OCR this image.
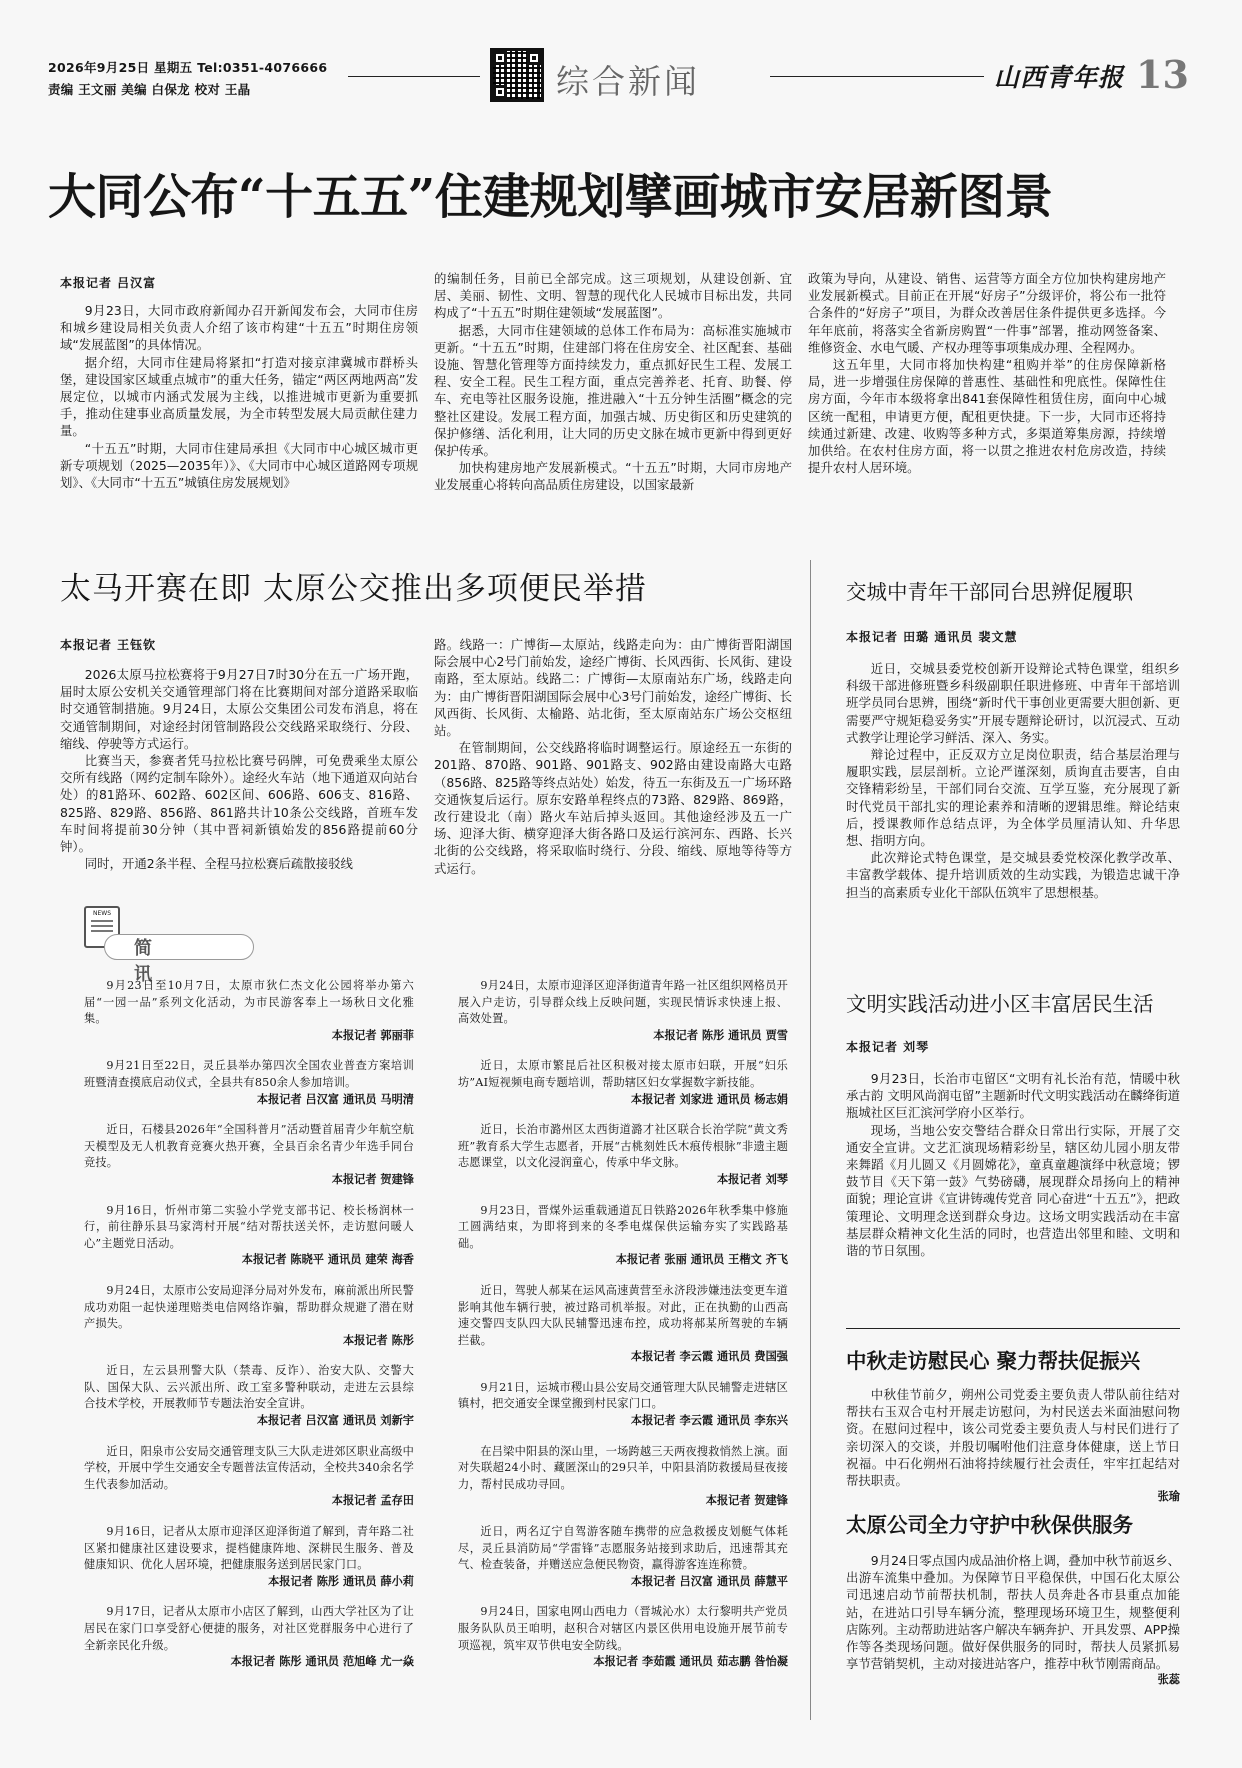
2026年9月25日 星期五 Tel:0351-4076666
责编 王文丽 美编 白保龙 校对 王晶	综合新闻	山西青年报 13
大同公布“十五五”住建规划擘画城市安居新图景
本报记者 吕汉富

9月23日，大同市政府新闻办召开新闻发布会，大同市住房和城乡建设局相关负责人介绍了该市构建“十五五”时期住房领域“发展蓝图”的具体情况。

据介绍，大同市住建局将紧扣“打造对接京津冀城市群桥头堡，建设国家区域重点城市”的重大任务，锚定“两区两地两高”发展定位，以城市内涵式发展为主线，以推进城市更新为重要抓手，推动住建事业高质量发展，为全市转型发展大局贡献住建力量。

“十五五”时期，大同市住建局承担《大同市中心城区城市更新专项规划（2025—2035年）》、《大同市中心城区道路网专项规划》、《大同市“十五五”城镇住房发展规划》

的编制任务，目前已全部完成。这三项规划，从建设创新、宜居、美丽、韧性、文明、智慧的现代化人民城市目标出发，共同构成了“十五五”时期住建领域“发展蓝图”。

据悉，大同市住建领域的总体工作布局为：高标准实施城市更新。“十五五”时期，住建部门将在住房安全、社区配套、基础设施、智慧化管理等方面持续发力，重点抓好民生工程、发展工程、安全工程。民生工程方面，重点完善养老、托育、助餐、停车、充电等社区服务设施，推进融入“十五分钟生活圈”概念的完整社区建设。发展工程方面，加强古城、历史街区和历史建筑的保护修缮、活化利用，让大同的历史文脉在城市更新中得到更好保护传承。

加快构建房地产发展新模式。“十五五”时期，大同市房地产业发展重心将转向高品质住房建设，以国家最新

政策为导向，从建设、销售、运营等方面全方位加快构建房地产业发展新模式。目前正在开展“好房子”分级评价，将公布一批符合条件的“好房子”项目，为群众改善居住条件提供更多选择。今年年底前，将落实全省新房购置“一件事”部署，推动网签备案、维修资金、水电气暖、产权办理等事项集成办理、全程网办。

这五年里，大同市将加快构建“租购并举”的住房保障新格局，进一步增强住房保障的普惠性、基础性和兜底性。保障性住房方面，今年市本级将拿出841套保障性租赁住房，面向中心城区统一配租，申请更方便，配租更快捷。下一步，大同市还将持续通过新建、改建、收购等多种方式，多渠道筹集房源，持续增加供给。在农村住房方面，将一以贯之推进农村危房改造，持续提升农村人居环境。

太马开赛在即 太原公交推出多项便民举措
本报记者 王钰钦

2026太原马拉松赛将于9月27日7时30分在五一广场开跑，届时太原公安机关交通管理部门将在比赛期间对部分道路采取临时交通管制措施。9月24日，太原公交集团公司发布消息，将在交通管制期间，对途经封闭管制路段公交线路采取绕行、分段、缩线、停驶等方式运行。

比赛当天，参赛者凭马拉松比赛号码牌，可免费乘坐太原公交所有线路（网约定制车除外）。途经火车站（地下通道双向站台处）的81路环、602路、602区间、606路、606支、816路、825路、829路、856路、861路共计10条公交线路，首班车发车时间将提前30分钟（其中晋祠新镇始发的856路提前60分钟）。

同时，开通2条半程、全程马拉松赛后疏散接驳线

路。线路一：广博街—太原站，线路走向为：由广博街晋阳湖国际会展中心2号门前始发，途经广博街、长风西街、长风街、建设南路，至太原站。线路二：广博街—太原南站东广场，线路走向为：由广博街晋阳湖国际会展中心3号门前始发，途经广博街、长风西街、长风街、太榆路、站北街，至太原南站东广场公交枢纽站。

在管制期间，公交线路将临时调整运行。原途经五一东街的201路、870路、901路、901路支、902路由建设南路大屯路（856路、825路等终点站处）始发，待五一东街及五一广场环路交通恢复后运行。原东安路单程终点的73路、829路、869路，改行建设北（南）路火车站后掉头返回。其他途经涉及五一广场、迎泽大街、横穿迎泽大街各路口及运行滨河东、西路、长兴北街的公交线路，将采取临时绕行、分段、缩线、原地等待等方式运行。

NEWS
简讯

9月23日至10月7日，太原市狄仁杰文化公园将举办第六届“一园一品”系列文化活动，为市民游客奉上一场秋日文化雅集。

本报记者 郭丽菲

9月21日至22日，灵丘县举办第四次全国农业普查方案培训班暨清查摸底启动仪式，全县共有850余人参加培训。

本报记者 吕汉富 通讯员 马明清

近日，石楼县2026年“全国科普月”活动暨首届青少年航空航天模型及无人机教育竞赛火热开赛，全县百余名青少年选手同台竞技。

本报记者 贺建锋

9月16日，忻州市第二实验小学党支部书记、校长杨润林一行，前往静乐县马家湾村开展“结对帮扶送关怀，走访慰问暖人心”主题党日活动。

本报记者 陈晓平 通讯员 建荣 海香

9月24日，太原市公安局迎泽分局对外发布，麻前派出所民警成功劝阻一起快递理赔类电信网络诈骗，帮助群众规避了潜在财产损失。

本报记者 陈彤

近日，左云县刑警大队（禁毒、反诈）、治安大队、交警大队、国保大队、云兴派出所、政工室多警种联动，走进左云县综合技术学校，开展教师节专题法治安全宣讲。

本报记者 吕汉富 通讯员 刘新宇

近日，阳泉市公安局交通管理支队三大队走进郊区职业高级中学校，开展中学生交通安全专题普法宣传活动，全校共340余名学生代表参加活动。

本报记者 孟存田

9月16日，记者从太原市迎泽区迎泽街道了解到，青年路二社区紧扣健康社区建设要求，提档健康阵地、深耕民生服务、普及健康知识、优化人居环境，把健康服务送到居民家门口。

本报记者 陈彤 通讯员 薛小莉

9月17日，记者从太原市小店区了解到，山西大学社区为了让居民在家门口享受舒心便捷的服务，对社区党群服务中心进行了全新亲民化升级。

本报记者 陈彤 通讯员 范旭峰 尤一焱

9月24日，太原市迎泽区迎泽街道青年路一社区组织网格员开展入户走访，引导群众线上反映问题，实现民情诉求快速上报、高效处置。

本报记者 陈彤 通讯员 贾雪

近日，太原市繁昆后社区积极对接太原市妇联，开展“妇乐坊”AI短视频电商专题培训，帮助辖区妇女掌握数字新技能。

本报记者 刘家进 通讯员 杨志娟

近日，长治市潞州区太西街道潞才社区联合长治学院“黄文秀班”教育系大学生志愿者，开展“古桃刻姓氏木痕传根脉”非遗主题志愿课堂，以文化浸润童心，传承中华文脉。

本报记者 刘琴

9月23日，晋煤外运重载通道瓦日铁路2026年秋季集中修施工圆满结束，为即将到来的冬季电煤保供运输夯实了实践路基础。

本报记者 张丽 通讯员 王楷文 齐飞

近日，驾驶人郝某在运风高速黄营至永济段涉嫌违法变更车道影响其他车辆行驶，被过路司机举报。对此，正在执勤的山西高速交警四支队四大队民辅警迅速布控，成功将郝某所驾驶的车辆拦截。

本报记者 李云霞 通讯员 费国强

9月21日，运城市稷山县公安局交通管理大队民辅警走进辖区镇村，把交通安全课堂搬到村民家门口。

本报记者 李云霞 通讯员 李东兴

在吕梁中阳县的深山里，一场跨越三天两夜搜救悄然上演。面对失联超24小时、藏匿深山的29只羊，中阳县消防救援局昼夜接力，帮村民成功寻回。

本报记者 贺建锋

近日，两名辽宁自驾游客随车携带的应急救援皮划艇气体耗尽，灵丘县消防局“学雷锋”志愿服务站接到求助后，迅速帮其充气、检查装备，并赠送应急便民物资，赢得游客连连称赞。

本报记者 吕汉富 通讯员 薛慧平

9月24日，国家电网山西电力（晋城沁水）太行黎明共产党员服务队队员王咱明，赵积合对辖区内景区供用电设施开展节前专项巡视，筑牢双节供电安全防线。

本报记者 李茹霞 通讯员 茹志鹏 昝怡凝
交城中青年干部同台思辨促履职
本报记者 田璐 通讯员 裴文慧

近日，交城县委党校创新开设辩论式特色课堂，组织乡科级干部进修班暨乡科级副职任职进修班、中青年干部培训班学员同台思辨，围绕“新时代干事创业更需要大胆创新、更需要严守规矩稳妥务实”开展专题辩论研讨，以沉浸式、互动式教学让理论学习鲜活、深入、务实。

辩论过程中，正反双方立足岗位职责，结合基层治理与履职实践，层层剖析。立论严谨深刻，质询直击要害，自由交锋精彩纷呈，干部们同台交流、互学互鉴，充分展现了新时代党员干部扎实的理论素养和清晰的逻辑思维。辩论结束后，授课教师作总结点评，为全体学员厘清认知、升华思想、指明方向。

此次辩论式特色课堂，是交城县委党校深化教学改革、丰富教学载体、提升培训质效的生动实践，为锻造忠诚干净担当的高素质专业化干部队伍筑牢了思想根基。

文明实践活动进小区丰富居民生活
本报记者 刘琴

9月23日，长治市屯留区“文明有礼长治有范，情暖中秋承古韵 文明风尚润屯留”主题新时代文明实践活动在麟绛街道瓶城社区巨汇滨河学府小区举行。

现场，当地公安交警结合群众日常出行实际，开展了交通安全宣讲。文艺汇演现场精彩纷呈，辖区幼儿园小朋友带来舞蹈《月儿圆又《月圆嫦花》，童真童趣演绎中秋意境；锣鼓节目《天下第一鼓》气势磅礴，展现群众昂扬向上的精神面貌；理论宣讲《宣讲铸魂传党音 同心奋进“十五五”》，把政策理论、文明理念送到群众身边。这场文明实践活动在丰富基层群众精神文化生活的同时，也营造出邻里和睦、文明和谐的节日氛围。

中秋走访慰民心 聚力帮扶促振兴

中秋佳节前夕，朔州公司党委主要负责人带队前往结对帮扶右玉双合屯村开展走访慰问，为村民送去米面油慰问物资。在慰问过程中，该公司党委主要负责人与村民们进行了亲切深入的交谈，并殷切嘱咐他们注意身体健康，送上节日祝福。中石化朔州石油将持续履行社会责任，牢牢扛起结对帮扶职责。

张瑜
太原公司全力守护中秋保供服务

9月24日零点国内成品油价格上调，叠加中秋节前返乡、出游车流集中叠加。为保障节日平稳保供，中国石化太原公司迅速启动节前帮扶机制，帮扶人员奔赴各市县重点加能站，在进站口引导车辆分流，整理现场环境卫生，规整便利店陈列。主动帮助进站客户解决车辆奔护、开具发票、APP操作等各类现场问题。做好保供服务的同时，帮扶人员紧抓易享节营销契机，主动对接进站客户，推荐中秋节刚需商品。

张蕊
